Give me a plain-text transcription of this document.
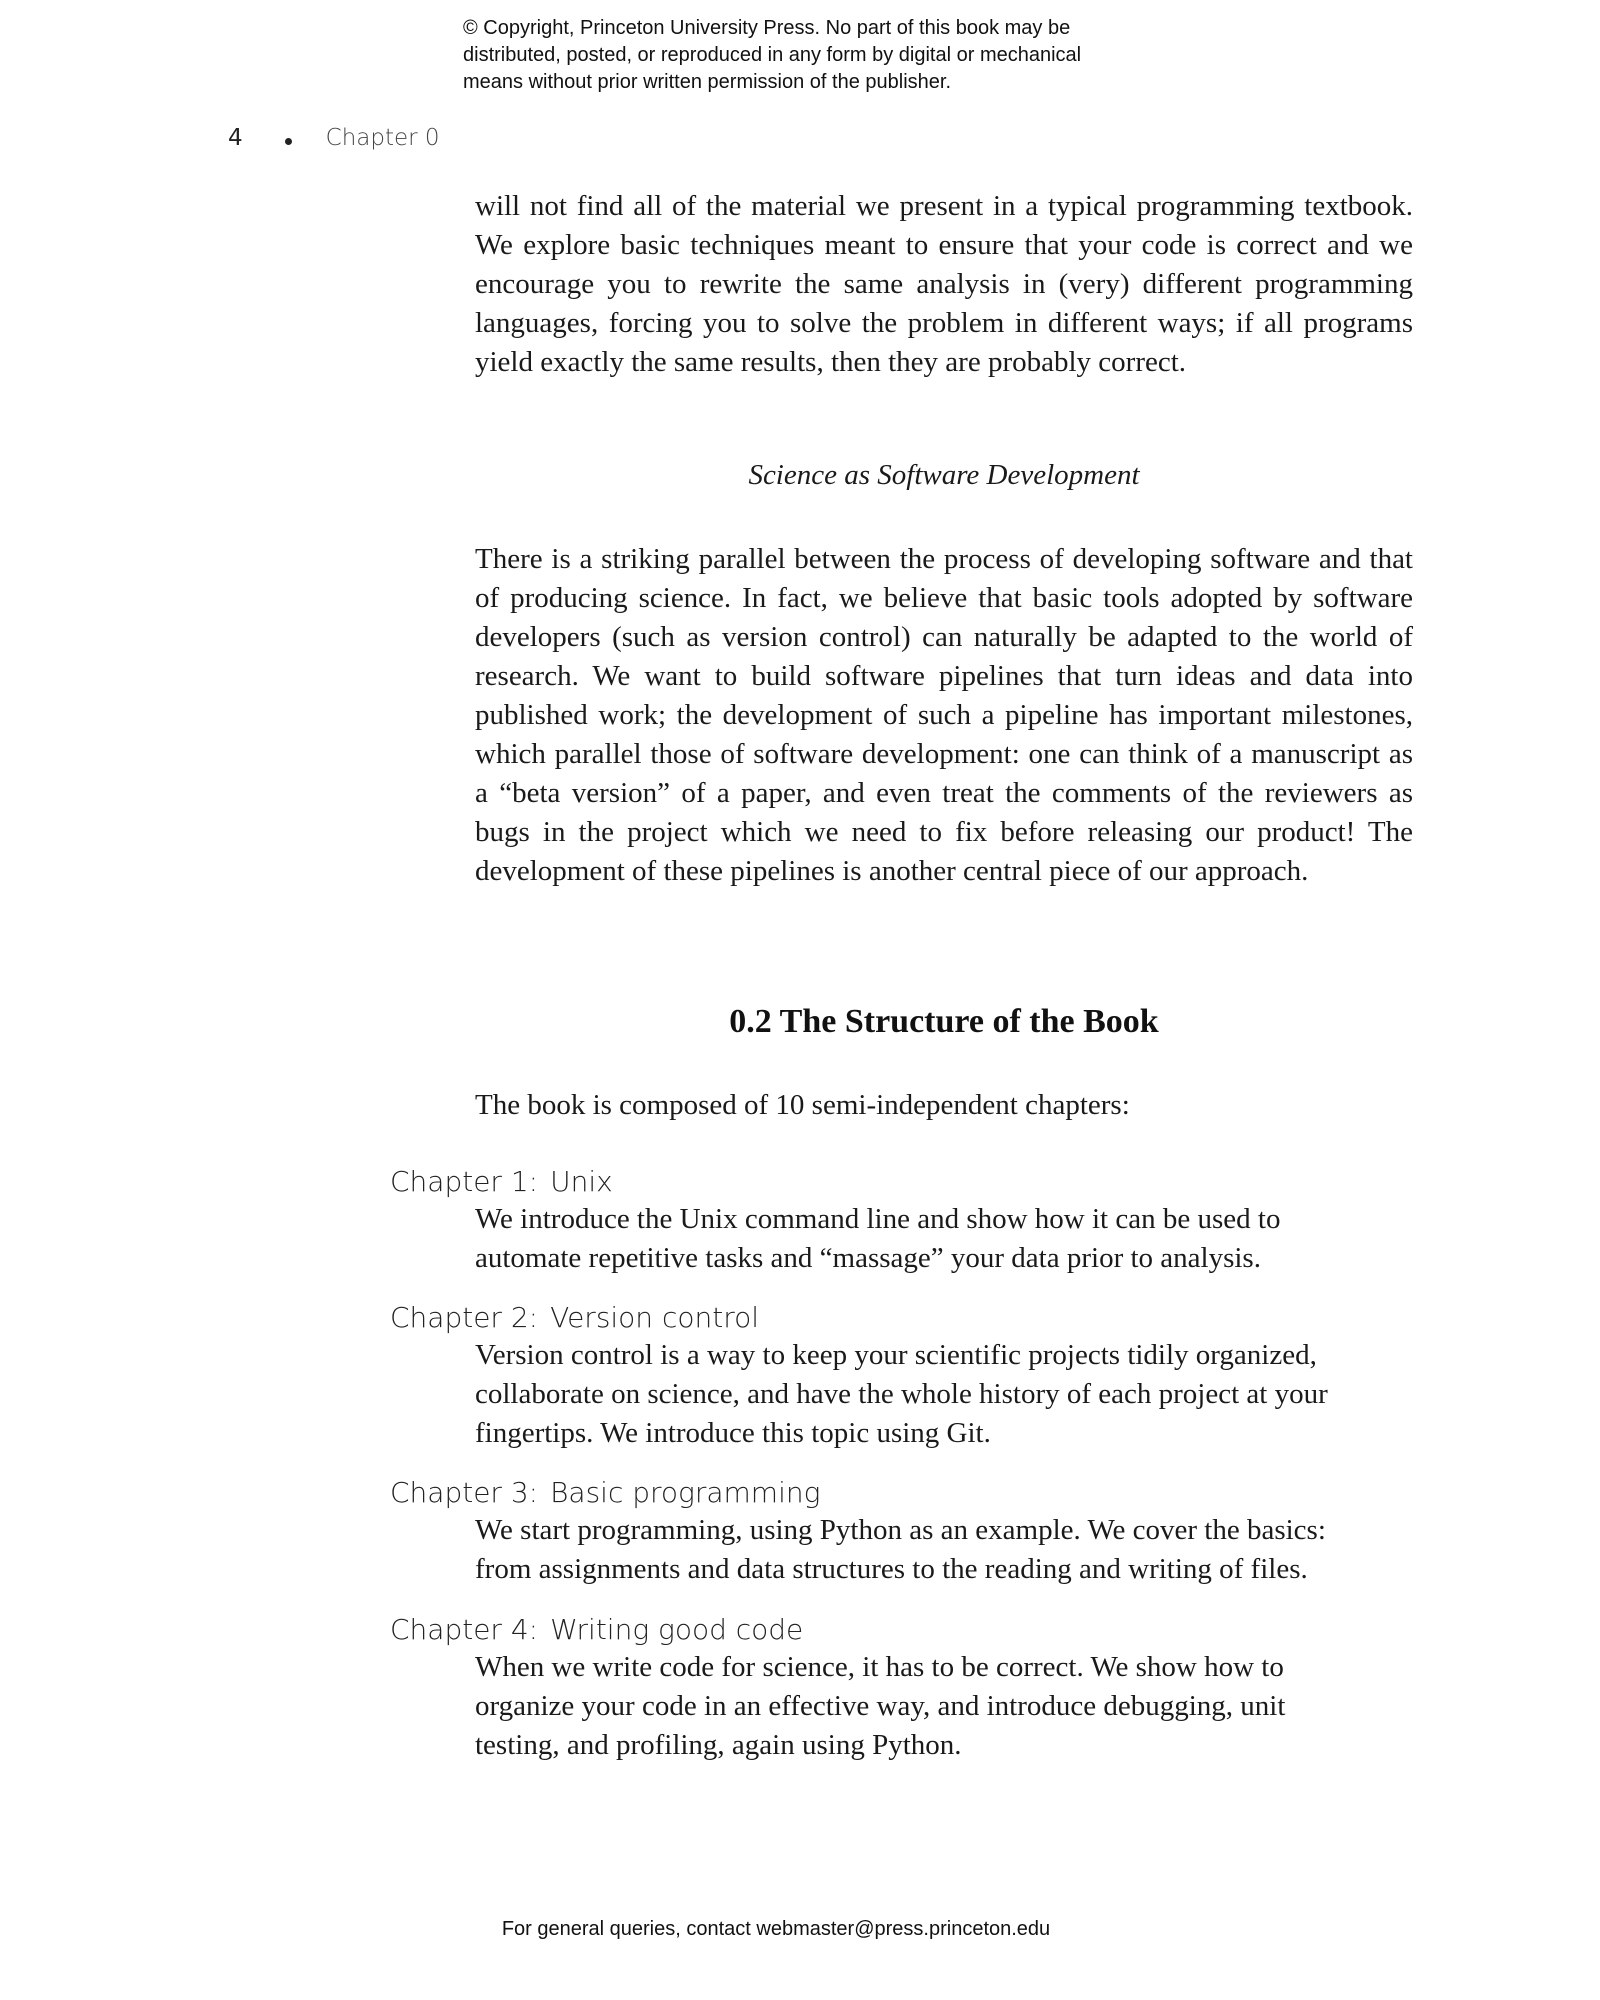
© Copyright, Princeton University Press. No part of this book may be
distributed, posted, or reproduced in any form by digital or mechanical
means without prior written permission of the publisher.
4	Chapter 0
will not find all of the material we present in a typical programming textbook. We explore basic techniques meant to ensure that your code is correct and we encourage you to rewrite the same analysis in (very) different programming languages, forcing you to solve the problem in different ways; if all programs yield exactly the same results, then they are probably correct.
Science as Software Development
There is a striking parallel between the process of developing software and that of producing science. In fact, we believe that basic tools adopted by software developers (such as version control) can naturally be adapted to the world of research. We want to build software pipelines that turn ideas and data into published work; the development of such a pipeline has important milestones, which parallel those of software development: one can think of a manuscript as a “beta version” of a paper, and even treat the comments of the reviewers as bugs in the project which we need to fix before releasing our product! The development of these pipelines is another central piece of our approach.
0.2 The Structure of the Book
The book is composed of 10 semi-independent chapters:
Chapter 1: Unix
We introduce the Unix command line and show how it can be used to
automate repetitive tasks and “massage” your data prior to analysis.
Chapter 2: Version control
Version control is a way to keep your scientific projects tidily organized,
collaborate on science, and have the whole history of each project at your
fingertips. We introduce this topic using Git.
Chapter 3: Basic programming
We start programming, using Python as an example. We cover the basics:
from assignments and data structures to the reading and writing of files.
Chapter 4: Writing good code
When we write code for science, it has to be correct. We show how to
organize your code in an effective way, and introduce debugging, unit
testing, and profiling, again using Python.
For general queries, contact webmaster@press.princeton.edu
